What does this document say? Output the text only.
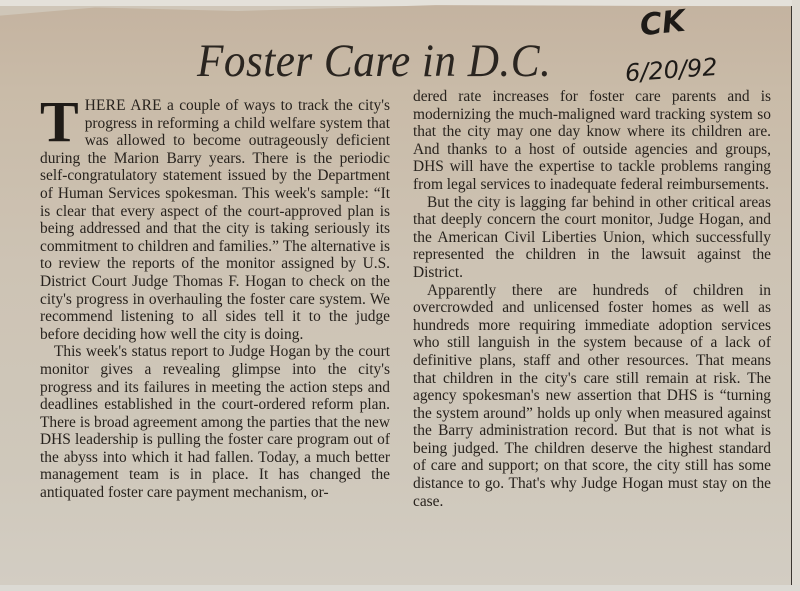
Foster Care in D.C.
CK
6/20/92

THERE ARE a couple of ways to track the city's progress in reforming a child welfare system that was allowed to become outrageously deficient during the Marion Barry years. There is the periodic self-congratulatory statement issued by the Department of Human Services spokesman. This week's sample: “It is clear that every aspect of the court-approved plan is being addressed and that the city is taking seriously its commitment to children and families.” The alternative is to review the reports of the monitor assigned by U.S. District Court Judge Thomas F. Hogan to check on the city's progress in overhauling the foster care system. We recommend listening to all sides tell it to the judge before deciding how well the city is doing.

This week's status report to Judge Hogan by the court monitor gives a revealing glimpse into the city's progress and its failures in meeting the action steps and deadlines established in the court-ordered reform plan. There is broad agreement among the parties that the new DHS leadership is pulling the foster care program out of the abyss into which it had fallen. Today, a much better management team is in place. It has changed the antiquated foster care payment mechanism, or-

dered rate increases for foster care parents and is modernizing the much-maligned ward tracking system so that the city may one day know where its children are. And thanks to a host of outside agencies and groups, DHS will have the expertise to tackle problems ranging from legal services to inadequate federal reimbursements.

But the city is lagging far behind in other critical areas that deeply concern the court monitor, Judge Hogan, and the American Civil Liberties Union, which successfully represented the children in the lawsuit against the District.

Apparently there are hundreds of children in overcrowded and unlicensed foster homes as well as hundreds more requiring immediate adoption services who still languish in the system because of a lack of definitive plans, staff and other resources. That means that children in the city's care still remain at risk. The agency spokesman's new assertion that DHS is “turning the system around” holds up only when measured against the Barry administration record. But that is not what is being judged. The children deserve the highest standard of care and support; on that score, the city still has some distance to go. That's why Judge Hogan must stay on the case.
